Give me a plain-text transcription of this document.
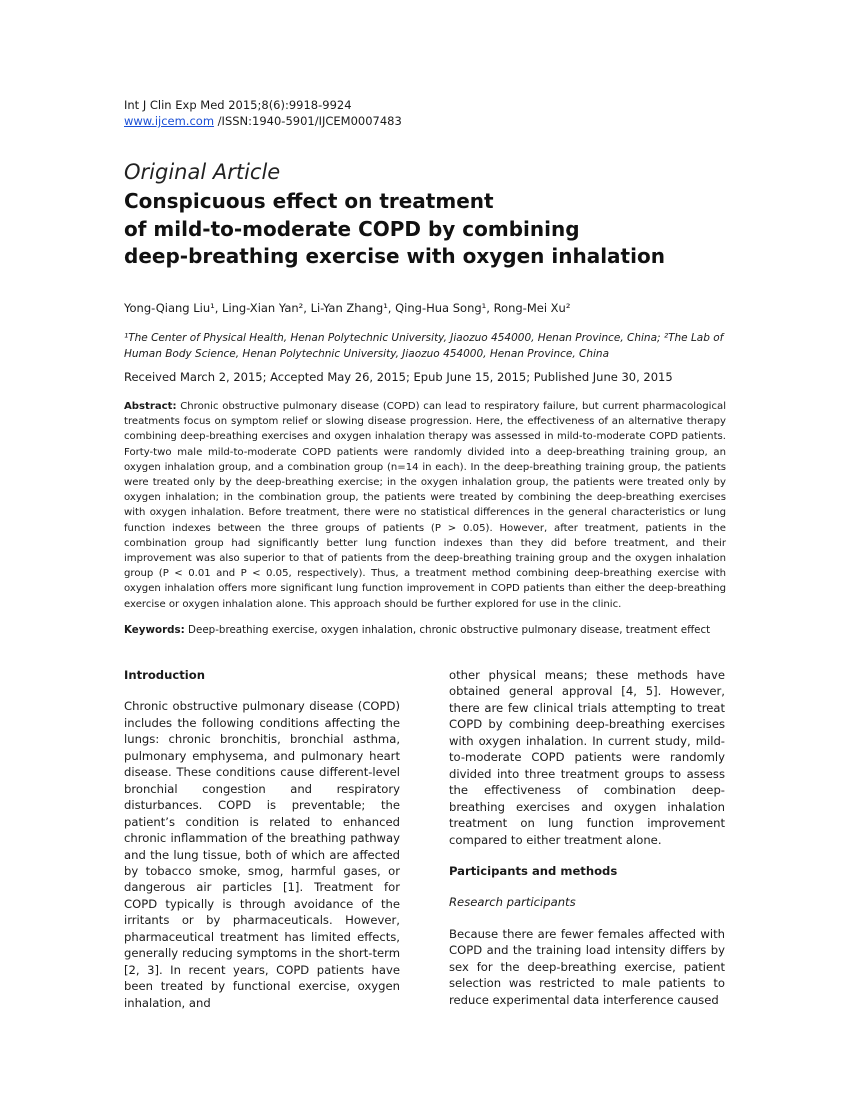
Int J Clin Exp Med 2015;8(6):9918-9924
www.ijcem.com /ISSN:1940-5901/IJCEM0007483
Original Article
Conspicuous effect on treatment
of mild-to-moderate COPD by combining
deep-breathing exercise with oxygen inhalation
Yong-Qiang Liu¹, Ling-Xian Yan², Li-Yan Zhang¹, Qing-Hua Song¹, Rong-Mei Xu²
¹The Center of Physical Health, Henan Polytechnic University, Jiaozuo 454000, Henan Province, China; ²The Lab of Human Body Science, Henan Polytechnic University, Jiaozuo 454000, Henan Province, China
Received March 2, 2015; Accepted May 26, 2015; Epub June 15, 2015; Published June 30, 2015

Abstract: Chronic obstructive pulmonary disease (COPD) can lead to respiratory failure, but current pharmacological treatments focus on symptom relief or slowing disease progression. Here, the effectiveness of an alternative therapy combining deep-breathing exercises and oxygen inhalation therapy was assessed in mild-to-moderate COPD patients. Forty-two male mild-to-moderate COPD patients were randomly divided into a deep-breathing training group, an oxygen inhalation group, and a combination group (n=14 in each). In the deep-breathing training group, the patients were treated only by the deep-breathing exercise; in the oxygen inhalation group, the patients were treated only by oxygen inhalation; in the combination group, the patients were treated by combining the deep-breathing exercises with oxygen inhalation. Before treatment, there were no statistical differences in the general characteristics or lung function indexes between the three groups of patients (P > 0.05). However, after treatment, patients in the combination group had significantly better lung function indexes than they did before treatment, and their improvement was also superior to that of patients from the deep-breathing training group and the oxygen inhalation group (P < 0.01 and P < 0.05, respectively). Thus, a treatment method combining deep-breathing exercise with oxygen inhalation offers more significant lung function improvement in COPD patients than either the deep-breathing exercise or oxygen inhalation alone. This approach should be further explored for use in the clinic.

Keywords: Deep-breathing exercise, oxygen inhalation, chronic obstructive pulmonary disease, treatment effect
Introduction

Chronic obstructive pulmonary disease (COPD) includes the following conditions affecting the lungs: chronic bronchitis, bronchial asthma, pulmonary emphysema, and pulmonary heart disease. These conditions cause different-level bronchial congestion and respiratory disturbances. COPD is preventable; the patient’s condition is related to enhanced chronic inflammation of the breathing pathway and the lung tissue, both of which are affected by tobacco smoke, smog, harmful gases, or dangerous air particles [1]. Treatment for COPD typically is through avoidance of the irritants or by pharmaceuticals. However, pharmaceutical treatment has limited effects, generally reducing symptoms in the short-term [2, 3]. In recent years, COPD patients have been treated by functional exercise, oxygen inhalation, and

other physical means; these methods have obtained general approval [4, 5]. However, there are few clinical trials attempting to treat COPD by combining deep-breathing exercises with oxygen inhalation. In current study, mild-to-moderate COPD patients were randomly divided into three treatment groups to assess the effectiveness of combination deep-breathing exercises and oxygen inhalation treatment on lung function improvement compared to either treatment alone.

Participants and methods
Research participants

Because there are fewer females affected with COPD and the training load intensity differs by sex for the deep-breathing exercise, patient selection was restricted to male patients to reduce experimental data interference caused
